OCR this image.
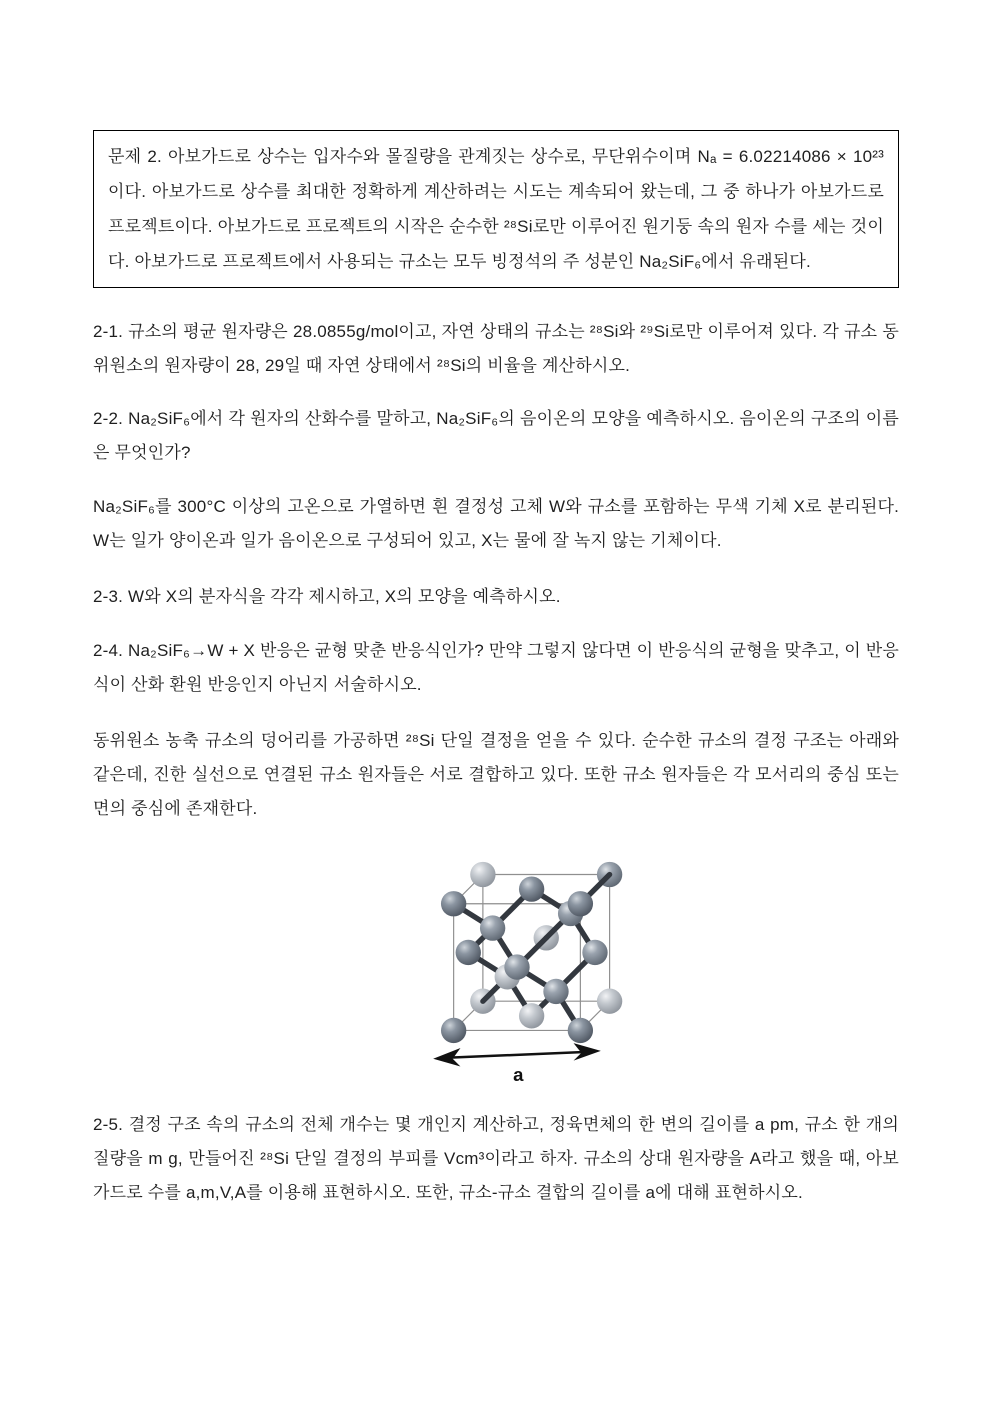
문제 2. 아보가드로 상수는 입자수와 몰질량을 관계짓는 상수로, 무단위수이며 Nₐ = 6.02214086 × 10²³이다. 아보가드로 상수를 최대한 정확하게 계산하려는 시도는 계속되어 왔는데, 그 중 하나가 아보가드로 프로젝트이다. 아보가드로 프로젝트의 시작은 순수한 ²⁸Si로만 이루어진 원기둥 속의 원자 수를 세는 것이다. 아보가드로 프로젝트에서 사용되는 규소는 모두 빙정석의 주 성분인 Na₂SiF₆에서 유래된다.
2-1. 규소의 평균 원자량은 28.0855g/mol이고, 자연 상태의 규소는 ²⁸Si와 ²⁹Si로만 이루어져 있다. 각 규소 동위원소의 원자량이 28, 29일 때 자연 상태에서 ²⁸Si의 비율을 계산하시오.
2-2. Na₂SiF₆에서 각 원자의 산화수를 말하고, Na₂SiF₆의 음이온의 모양을 예측하시오. 음이온의 구조의 이름은 무엇인가?
Na₂SiF₆를 300°C 이상의 고온으로 가열하면 흰 결정성 고체 W와 규소를 포함하는 무색 기체 X로 분리된다. W는 일가 양이온과 일가 음이온으로 구성되어 있고, X는 물에 잘 녹지 않는 기체이다.
2-3. W와 X의 분자식을 각각 제시하고, X의 모양을 예측하시오.
2-4. Na₂SiF₆→W + X 반응은 균형 맞춘 반응식인가? 만약 그렇지 않다면 이 반응식의 균형을 맞추고, 이 반응식이 산화 환원 반응인지 아닌지 서술하시오.
동위원소 농축 규소의 덩어리를 가공하면 ²⁸Si 단일 결정을 얻을 수 있다. 순수한 규소의 결정 구조는 아래와 같은데, 진한 실선으로 연결된 규소 원자들은 서로 결합하고 있다. 또한 규소 원자들은 각 모서리의 중심 또는 면의 중심에 존재한다.
a
2-5. 결정 구조 속의 규소의 전체 개수는 몇 개인지 계산하고, 정육면체의 한 변의 길이를 a pm, 규소 한 개의 질량을 m g, 만들어진 ²⁸Si 단일 결정의 부피를 Vcm³이라고 하자. 규소의 상대 원자량을 A라고 했을 때, 아보가드로 수를 a,m,V,A를 이용해 표현하시오. 또한, 규소-규소 결합의 길이를 a에 대해 표현하시오.
